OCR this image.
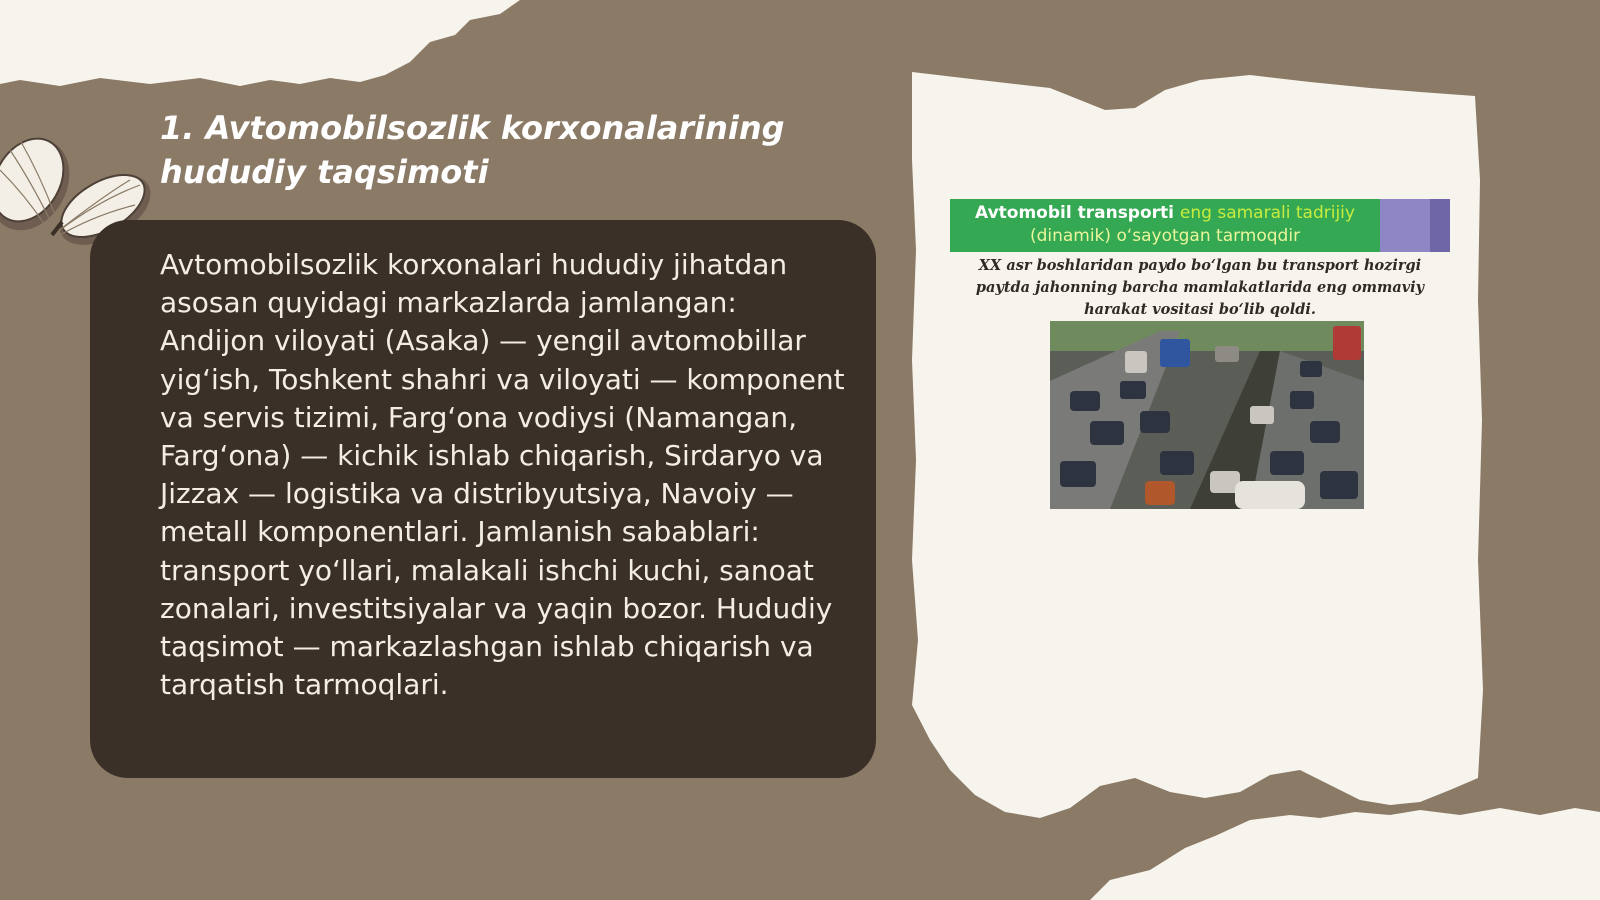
1. Avtomobilsozlik korxonalarining hududiy taqsimoti

Avtomobilsozlik korxonalari hududiy jihatdan asosan quyidagi markazlarda jamlangan: Andijon viloyati (Asaka) — yengil avtomobillar yig‘ish, Toshkent shahri va viloyati — komponent va servis tizimi, Farg‘ona vodiysi (Namangan, Farg‘ona) — kichik ishlab chiqarish, Sirdaryo va Jizzax — logistika va distribyutsiya, Navoiy — metall komponentlari. Jamlanish sabablari: transport yo‘llari, malakali ishchi kuchi, sanoat zonalari, investitsiyalar va yaqin bozor. Hududiy taqsimot — markazlashgan ishlab chiqarish va tarqatish tarmoqlari.

Avtomobil transporti eng samarali tadrijiy
(dinamik) o‘sayotgan tarmoqdir
XX asr boshlaridan paydo bo‘lgan bu transport hozirgi paytda jahonning barcha mamlakatlarida eng ommaviy harakat vositasi bo‘lib qoldi.
